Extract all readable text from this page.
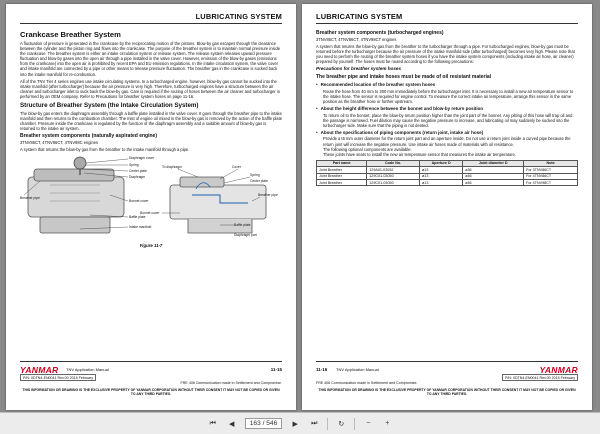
LUBRICATING SYSTEM
Crankcase Breather System

A fluctuation of pressure is generated in the crankcase by the reciprocating motion of the pistons. Blow-by gas escapes through the clearance between the cylinder and the piston ring and flows into the crankcase. The purpose of the breather system is to maintain normal pressure inside the crankcase. The breather system is either an intake circulation system or release system. The release system releases upward pressure fluctuation and blow-by gases into the open air through a pipe installed in the valve cover. However, emission of the blow-by gases (emissions from the crankcase) into the open air is prohibited by recent EPA and EU emission regulations. In the intake circulation system, the valve cover and intake manifold are connected by a pipe or other means to release pressure fluctuation. The breather gas in the crankcase is sucked back into the intake manifold for re-combustion.

All of the TNV Tier 4 series engines use intake circulating systems. In a turbocharged engine, however, blow-by gas cannot be sucked into the intake manifold (after turbocharger) because the air pressure is very high. Therefore, turbocharged engines have a structure between the air cleaner and turbocharger inlet to suck back the blow-by gas. Care is required if the routing of hoses between the air cleaner and turbocharger is performed by an OEM company. Refer to Precautions for breather system hoses on page 11-16.

Structure of Breather System (the Intake Circulation System)

The blow-by gas enters the diaphragm assembly through a baffle plate installed in the valve cover. It goes through the breather pipe to the intake manifold and then returns to the combustion chamber. The mist of engine oil mixed in the blow-by gas is removed by the action of the baffle plate chamber. Pressure inside the crankcase is regulated by the function of the diaphragm assembly and a suitable amount of blow-by gas is returned to the intake air system.

Breather system components (naturally aspirated engine)

3TNV86CT, 4TNV86CT, 4TNV98C engines

A system that returns the blow-by gas from the breather to the intake manifold through a pipe.

Diaphragm cover
Spring
Center plate
Diaphragm
Breather pipe
Bonnet cover
Baffle plate
Intake manifold
To diaphragm	Cover
Spring
Center plate
Breather pipe
Bonnet cover
Baffle plate
Diaphragm part
Figure 11-7
YANMAR TNV Application Manual	11-15
P/N: 0DTN4-EN0041 Rev.00 2015 February
FRE 408 Communication made in Settlement and Compromise.
THIS INFORMATION OR DRAWING IS THE EXCLUSIVE PROPERTY OF YANMAR CORPORATION WITHOUT THEIR CONSENT IT MAY NOT BE COPIED OR GIVEN TO ANY THIRD PARTIES.
LUBRICATING SYSTEM
Breather system components (turbocharged engines)

3TNV86CT, 4TNV86CT, 4TNV98CT engines

A system that returns the blow-by gas from the breather to the turbocharger through a pipe. For turbocharged engines, blow-by gas must be returned before the turbocharger because the air pressure of the intake manifold side (after turbocharged) becomes very high. Please note that you need to perform the routing of the breather system hoses if you have the intake system components (including intake air hose, air cleaner) prepared by yourself. The hoses must be routed according to the following precautions:

Precautions for breather system hoses
The breather pipe and intake hoses must be made of oil resistant material
• Recommended location of the breather system hoses

Route the hose from 40 mm to 300 mm immediately before the turbocharger inlet. It is necessary to install a new air temperature sensor to the intake hose. The sensor is required for engine control. To measure the correct intake air temperature, arrange this sensor in the same position as the breather hose or further upstream.

• About the height difference between the bonnet and blow-by return position

To return oil to the bonnet, place the blow-by return position higher than the joint part of the bonnet. Any pitting of this hose will trap oil and the passage is narrowed. Fuel dilution may cause the negative pressure to increase, and lubricating oil may suddenly be sucked into the turbocharger side. Make sure that the piping is not dented.

• About the specifications of piping components (return joint, intake air hose)

Provide a t6 mm outer diameter for the return joint part and an aperture inside. Do not use a return joint inside a curved pipe because the return joint will increase the negative pressure. Use intake air hoses made of materials with oil resistance.
The following optional components are available:
These joints have seats to install the new air temperature sensor that measures the intake air temperature.

Part name	Code No.	Aperture D	Joint diameter D	Note
Joint Breather	129A01-03052	ø13	ø36	For 3TNV86CT
Joint Breather	129C01-03050	ø13	ø46	For 4TNV86CT
Joint Breather	129C01-03050	ø13	ø46	For 4TNV98CT
11-16 TNV Application Manual	YANMAR
P/N: 0DTN4-EN0041 Rev.00 2015 February
FRE 408 Communication made in Settlement and Compromise.
THIS INFORMATION OR DRAWING IS THE EXCLUSIVE PROPERTY OF YANMAR CORPORATION WITHOUT THEIR CONSENT IT MAY NOT BE COPIED OR GIVEN TO ANY THIRD PARTIES.
⏮	◀	163 / 546	▶	⏭	↻	−	+
